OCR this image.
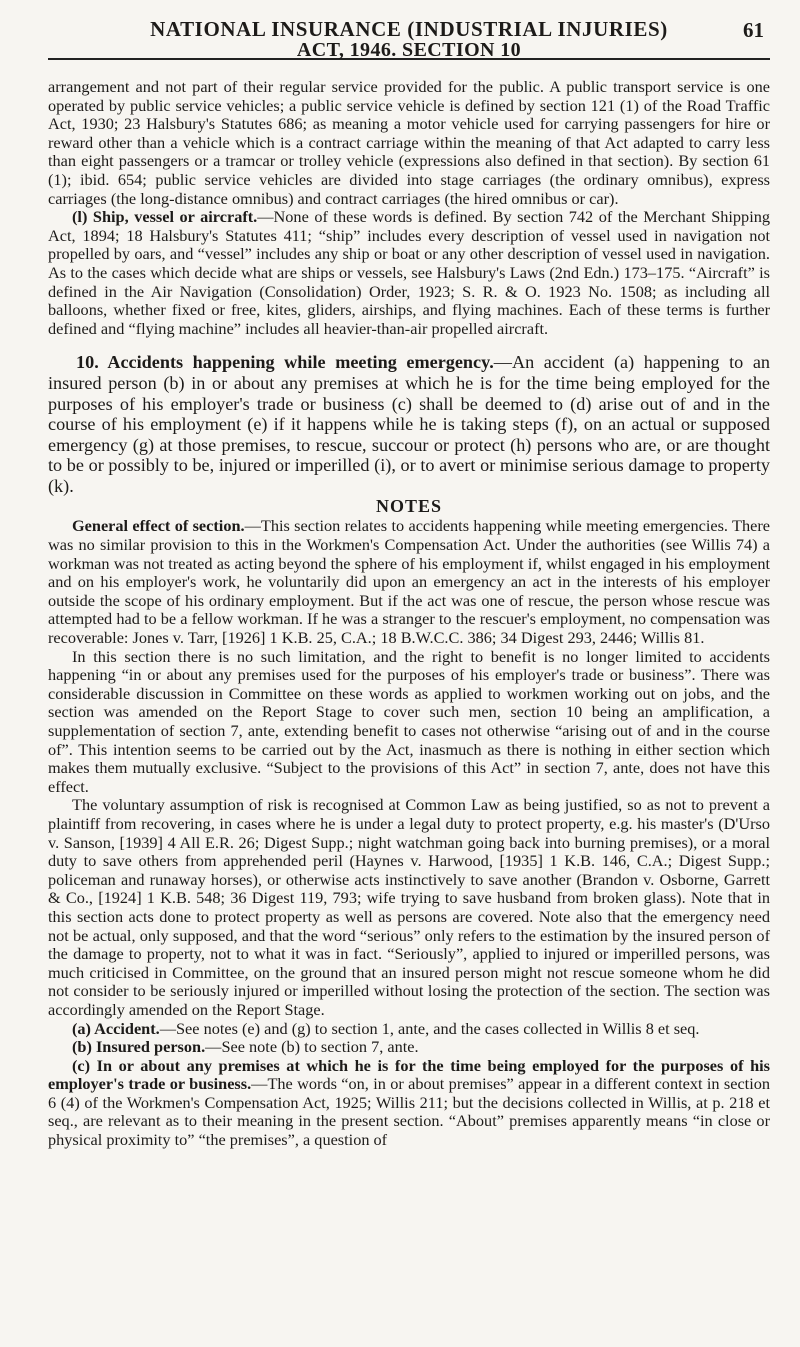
NATIONAL INSURANCE (INDUSTRIAL INJURIES)
ACT, 1946. SECTION 10
61

arrangement and not part of their regular service provided for the public. A public transport service is one operated by public service vehicles; a public service vehicle is defined by section 121 (1) of the Road Traffic Act, 1930; 23 Halsbury's Statutes 686; as meaning a motor vehicle used for carrying passengers for hire or reward other than a vehicle which is a contract carriage within the meaning of that Act adapted to carry less than eight passengers or a tramcar or trolley vehicle (expressions also defined in that section). By section 61 (1); ibid. 654; public service vehicles are divided into stage carriages (the ordinary omnibus), express carriages (the long-distance omnibus) and contract carriages (the hired omnibus or car).

(l) Ship, vessel or aircraft.—None of these words is defined. By section 742 of the Merchant Shipping Act, 1894; 18 Halsbury's Statutes 411; “ship” includes every description of vessel used in navigation not propelled by oars, and “vessel” includes any ship or boat or any other description of vessel used in navigation. As to the cases which decide what are ships or vessels, see Halsbury's Laws (2nd Edn.) 173–175. “Aircraft” is defined in the Air Navigation (Consolidation) Order, 1923; S. R. & O. 1923 No. 1508; as including all balloons, whether fixed or free, kites, gliders, airships, and flying machines. Each of these terms is further defined and “flying machine” includes all heavier-than-air propelled aircraft.

10. Accidents happening while meeting emergency.—An accident (a) happening to an insured person (b) in or about any premises at which he is for the time being employed for the purposes of his employer's trade or business (c) shall be deemed to (d) arise out of and in the course of his employment (e) if it happens while he is taking steps (f), on an actual or supposed emergency (g) at those premises, to rescue, succour or protect (h) persons who are, or are thought to be or possibly to be, injured or imperilled (i), or to avert or minimise serious damage to property (k).

NOTES

General effect of section.—This section relates to accidents happening while meeting emergencies. There was no similar provision to this in the Workmen's Compensation Act. Under the authorities (see Willis 74) a workman was not treated as acting beyond the sphere of his employment if, whilst engaged in his employment and on his employer's work, he voluntarily did upon an emergency an act in the interests of his employer outside the scope of his ordinary employment. But if the act was one of rescue, the person whose rescue was attempted had to be a fellow workman. If he was a stranger to the rescuer's employment, no compensation was recoverable: Jones v. Tarr, [1926] 1 K.B. 25, C.A.; 18 B.W.C.C. 386; 34 Digest 293, 2446; Willis 81.

In this section there is no such limitation, and the right to benefit is no longer limited to accidents happening “in or about any premises used for the purposes of his employer's trade or business”. There was considerable discussion in Committee on these words as applied to workmen working out on jobs, and the section was amended on the Report Stage to cover such men, section 10 being an amplification, a supplementation of section 7, ante, extending benefit to cases not otherwise “arising out of and in the course of”. This intention seems to be carried out by the Act, inasmuch as there is nothing in either section which makes them mutually exclusive. “Subject to the provisions of this Act” in section 7, ante, does not have this effect.

The voluntary assumption of risk is recognised at Common Law as being justified, so as not to prevent a plaintiff from recovering, in cases where he is under a legal duty to protect property, e.g. his master's (D'Urso v. Sanson, [1939] 4 All E.R. 26; Digest Supp.; night watchman going back into burning premises), or a moral duty to save others from apprehended peril (Haynes v. Harwood, [1935] 1 K.B. 146, C.A.; Digest Supp.; policeman and runaway horses), or otherwise acts instinctively to save another (Brandon v. Osborne, Garrett & Co., [1924] 1 K.B. 548; 36 Digest 119, 793; wife trying to save husband from broken glass). Note that in this section acts done to protect property as well as persons are covered. Note also that the emergency need not be actual, only supposed, and that the word “serious” only refers to the estimation by the insured person of the damage to property, not to what it was in fact. “Seriously”, applied to injured or imperilled persons, was much criticised in Committee, on the ground that an insured person might not rescue someone whom he did not consider to be seriously injured or imperilled without losing the protection of the section. The section was accordingly amended on the Report Stage.

(a) Accident.—See notes (e) and (g) to section 1, ante, and the cases collected in Willis 8 et seq.

(b) Insured person.—See note (b) to section 7, ante.

(c) In or about any premises at which he is for the time being employed for the purposes of his employer's trade or business.—The words “on, in or about premises” appear in a different context in section 6 (4) of the Workmen's Compensation Act, 1925; Willis 211; but the decisions collected in Willis, at p. 218 et seq., are relevant as to their meaning in the present section. “About” premises apparently means “in close or physical proximity to” “the premises”, a question of
